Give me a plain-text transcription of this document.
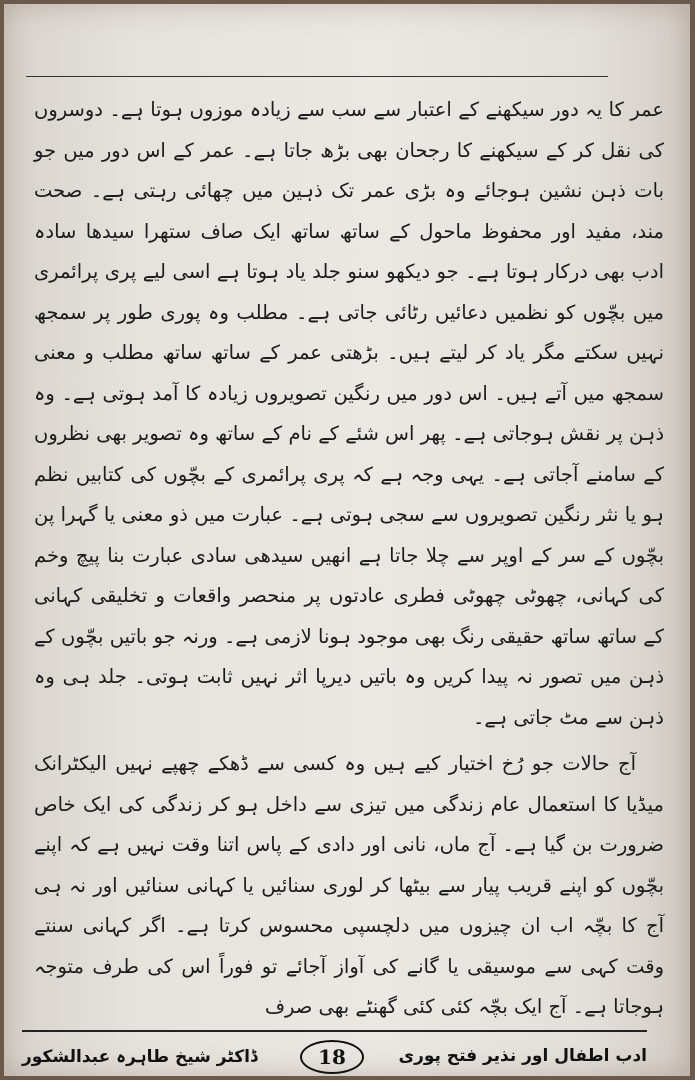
عمر کا یہ دور سیکھنے کے اعتبار سے سب سے زیادہ موزوں ہوتا ہے۔ دوسروں کی نقل کر کے سیکھنے کا رجحان بھی بڑھ جاتا ہے۔ عمر کے اس دور میں جو بات ذہن نشین ہوجائے وہ بڑی عمر تک ذہین میں چھائی رہتی ہے۔ صحت مند، مفید اور محفوظ ماحول کے ساتھ ساتھ ایک صاف ستھرا سیدھا سادہ ادب بھی درکار ہوتا ہے۔ جو دیکھو سنو جلد یاد ہوتا ہے اسی لیے پری پرائمری میں بچّوں کو نظمیں دعائیں رٹائی جاتی ہے۔ مطلب وہ پوری طور پر سمجھ نہیں سکتے مگر یاد کر لیتے ہیں۔ بڑھتی عمر کے ساتھ ساتھ مطلب و معنی سمجھ میں آتے ہیں۔ اس دور میں رنگین تصویروں زیادہ کا آمد ہوتی ہے۔ وہ ذہن پر نقش ہوجاتی ہے۔ پھر اس شئے کے نام کے ساتھ وہ تصویر بھی نظروں کے سامنے آجاتی ہے۔ یہی وجہ ہے کہ پری پرائمری کے بچّوں کی کتابیں نظم ہو یا نثر رنگین تصویروں سے سجی ہوتی ہے۔ عبارت میں ذو معنی یا گہرا پن بچّوں کے سر کے اوپر سے چلا جاتا ہے انھیں سیدھی سادی عبارت بنا پیچ وخم کی کہانی، چھوٹی چھوٹی فطری عادتوں پر منحصر واقعات و تخلیقی کہانی کے ساتھ ساتھ حقیقی رنگ بھی موجود ہونا لازمی ہے۔ ورنہ جو باتیں بچّوں کے ذہن میں تصور نہ پیدا کریں وہ باتیں دیرپا اثر نہیں ثابت ہوتی۔ جلد ہی وہ ذہن سے مٹ جاتی ہے۔

آج حالات جو رُخ اختیار کیے ہیں وہ کسی سے ڈھکے چھپے نہیں الیکٹرانک میڈیا کا استعمال عام زندگی میں تیزی سے داخل ہو کر زندگی کی ایک خاص ضرورت بن گیا ہے۔ آج ماں، نانی اور دادی کے پاس اتنا وقت نہیں ہے کہ اپنے بچّوں کو اپنے قریب پیار سے بیٹھا کر لوری سنائیں یا کہانی سنائیں اور نہ ہی آج کا بچّہ اب ان چیزوں میں دلچسپی محسوس کرتا ہے۔ اگر کہانی سنتے وقت کہی سے موسیقی یا گانے کی آواز آجائے تو فوراً اس کی طرف متوجہ ہوجاتا ہے۔ آج ایک بچّہ کئی کئی گھنٹے بھی صرف

ادب اطفال اور نذیر فتح پوری
ڈاکٹر شیخ طاہرہ عبدالشکور	18
